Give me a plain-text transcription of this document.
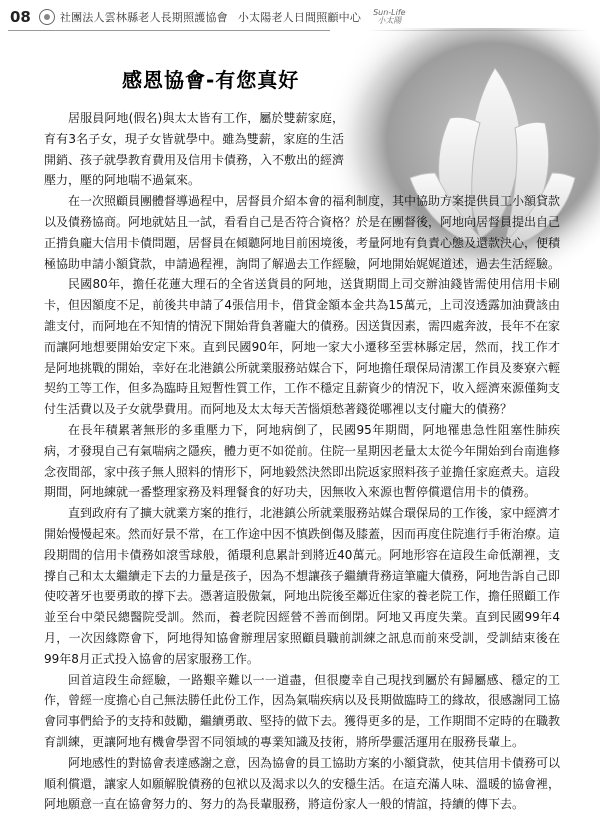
08	社團法人雲林縣老人長期照護協會 小太陽老人日間照顧中心 Sun-Life
小太陽
感恩協會-有您真好

居服員阿地(假名)與太太皆有工作，屬於雙薪家庭，育有3名子女，現子女皆就學中。雖為雙薪，家庭的生活開銷、孩子就學教育費用及信用卡債務，入不敷出的經濟壓力，壓的阿地喘不過氣來。

在一次照顧員團體督導過程中，居督員介紹本會的福利制度，其中協助方案提供員工小額貸款以及債務協商。阿地就姑且一試，看看自己是否符合資格？於是在團督後，阿地向居督員提出自己正揹負龐大信用卡債問題，居督員在傾聽阿地目前困境後，考量阿地有負責心態及還款決心，便積極協助申請小額貸款，申請過程裡，詢問了解過去工作經驗，阿地開始娓娓道述，過去生活經驗。

民國80年，擔任花蓮大理石的全省送貨員的阿地，送貨期間上司交辦油錢皆需使用信用卡刷卡，但因額度不足，前後共申請了4張信用卡，借貸金額本金共為15萬元，上司沒透露加油費該由誰支付，而阿地在不知情的情況下開始背負著龐大的債務。因送貨因素，需四處奔波，長年不在家而讓阿地想要開始安定下來。直到民國90年，阿地一家大小遷移至雲林縣定居，然而，找工作才是阿地挑戰的開始，幸好在北港鎮公所就業服務站媒合下，阿地擔任環保局清潔工作員及麥寮六輕契約工等工作，但多為臨時且短暫性質工作，工作不穩定且薪資少的情況下，收入經濟來源僅夠支付生活費以及子女就學費用。而阿地及太太每天苦惱煩愁著錢從哪裡以支付龐大的債務？

在長年積累著無形的多重壓力下，阿地病倒了，民國95年期間，阿地罹患急性阻塞性肺疾病，才發現自己有氣喘病之隱疾，體力更不如從前。住院一星期因老量太太從今年開始到台南進修念夜間部，家中孩子無人照料的情形下，阿地毅然決然即出院返家照料孩子並擔任家庭煮夫。這段期間，阿地練就一番整理家務及料理餐食的好功夫，因無收入來源也暫停償還信用卡的債務。

直到政府有了擴大就業方案的推行，北港鎮公所就業服務站媒合環保局的工作後，家中經濟才開始慢慢起來。然而好景不常，在工作途中因不慎跌倒傷及膝蓋，因而再度住院進行手術治療。這段期間的信用卡債務如滾雪球般，循環利息累計到將近40萬元。阿地形容在這段生命低潮裡，支撐自己和太太繼續走下去的力量是孩子，因為不想讓孩子繼續背務這筆龐大債務，阿地告訴自己即使咬著牙也要勇敢的撐下去。憑著這股傲氣，阿地出院後至鄰近住家的養老院工作，擔任照顧工作並至台中榮民總醫院受訓。然而，養老院因經營不善而倒閉。阿地又再度失業。直到民國99年4月，一次因緣際會下，阿地得知協會辦理居家照顧員職前訓練之訊息而前來受訓，受訓結束後在99年8月正式投入協會的居家服務工作。

回首這段生命經驗，一路艱辛難以一一道盡，但很慶幸自己現找到屬於有歸屬感、穩定的工作，曾經一度擔心自己無法勝任此份工作，因為氣喘疾病以及長期做臨時工的緣故，很感謝同工協會同事們給予的支持和鼓勵，繼續勇敢、堅持的做下去。獲得更多的是，工作期間不定時的在職教育訓練，更讓阿地有機會學習不同領域的專業知識及技術，將所學靈活運用在服務長輩上。

阿地感性的對協會表達感謝之意，因為協會的員工協助方案的小額貸款，使其信用卡債務可以順利償還，讓家人如願解脫債務的包袱以及渴求以久的安穩生活。在這充滿人味、溫暖的協會裡，阿地願意一直在協會努力的、努力的為長輩服務，將這份家人一般的情誼，持續的傳下去。
